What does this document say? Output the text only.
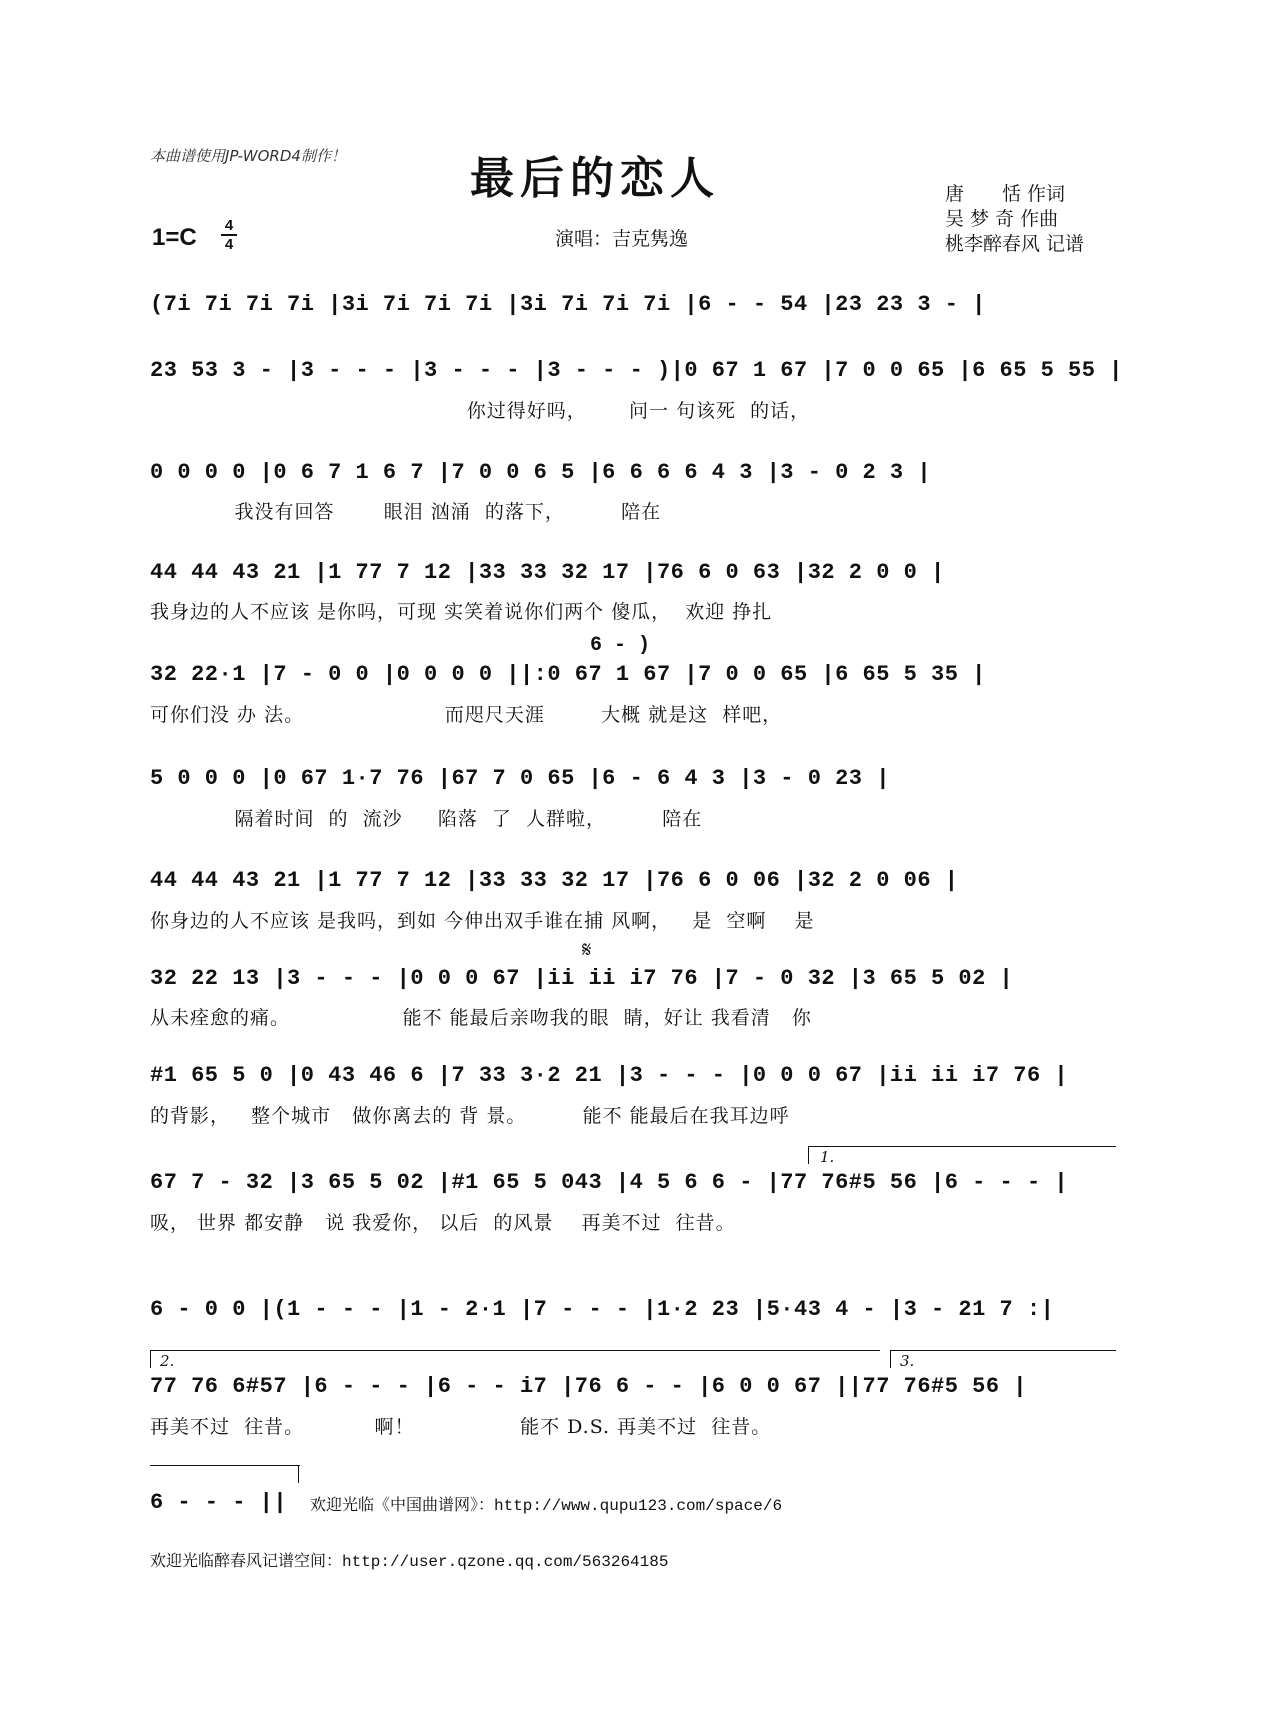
本曲谱使用JP-WORD4制作！	最后的恋人	唐　　恬 作词
吴 梦 奇 作曲
桃李醉春风 记谱
1=C 4
4	演唱：吉克隽逸
(7i 7i 7i 7i |3i 7i 7i 7i |3i 7i 7i 7i |6 - - 54 |23 23 3 - |
23 53 3 - |3 - - - |3 - - - |3 - - - )|0 67 1 67 |7 0 0 65 |6 65 5 55 |
你过得好吗，      问一 句该死  的话，
0 0 0 0 |0 6 7 1 6 7 |7 0 0 6 5 |6 6 6 6 4 3 |3 - 0 2 3 |
我没有回答       眼泪 汹涌  的落下，        陪在
44 44 43 21 |1 77 7 12 |33 33 32 17 |76 6 0 63 |32 2 0 0 |
我身边的人不应该 是你吗，可现 实笑着说你们两个 傻瓜，  欢迎 挣扎
6 - )
32 22·1 |7 - 0 0 |0 0 0 0 ||:0 67 1 67 |7 0 0 65 |6 65 5 35 |
可你们没 办 法。                    而咫尺天涯        大概 就是这  样吧，
5 0 0 0 |0 67 1·7 76 |67 7 0 65 |6 - 6 4 3 |3 - 0 23 |
隔着时间  的  流沙     陷落  了  人群啦，        陪在
44 44 43 21 |1 77 7 12 |33 33 32 17 |76 6 0 06 |32 2 0 06 |
你身边的人不应该 是我吗，到如 今伸出双手谁在捕 风啊，   是  空啊    是
𝄋
32 22 13 |3 - - - |0 0 0 67 |ii ii i7 76 |7 - 0 32 |3 65 5 02 |
从未痊愈的痛。                能不 能最后亲吻我的眼  睛，好让 我看清   你
#1 65 5 0 |0 43 46 6 |7 33 3·2 21 |3 - - - |0 0 0 67 |ii ii i7 76 |
的背影，   整个城市   做你离去的 背 景。        能不 能最后在我耳边呼
1.
67 7 - 32 |3 65 5 02 |#1 65 5 043 |4 5 6 6 - |77 76#5 56 |6 - - - |
吸， 世界 都安静   说 我爱你， 以后  的风景    再美不过  往昔。
6 - 0 0 |(1 - - - |1 - 2·1 |7 - - - |1·2 23 |5·43 4 - |3 - 21 7 :|
2.	3.
77 76 6#57 |6 - - - |6 - - i7 |76 6 - - |6 0 0 67 ||77 76#5 56 |
再美不过  往昔。          啊！               能不 D.S. 再美不过  往昔。
6 - - - ||	欢迎光临《中国曲谱网》：http://www.qupu123.com/space/6
欢迎光临醉春风记谱空间：http://user.qzone.qq.com/563264185
